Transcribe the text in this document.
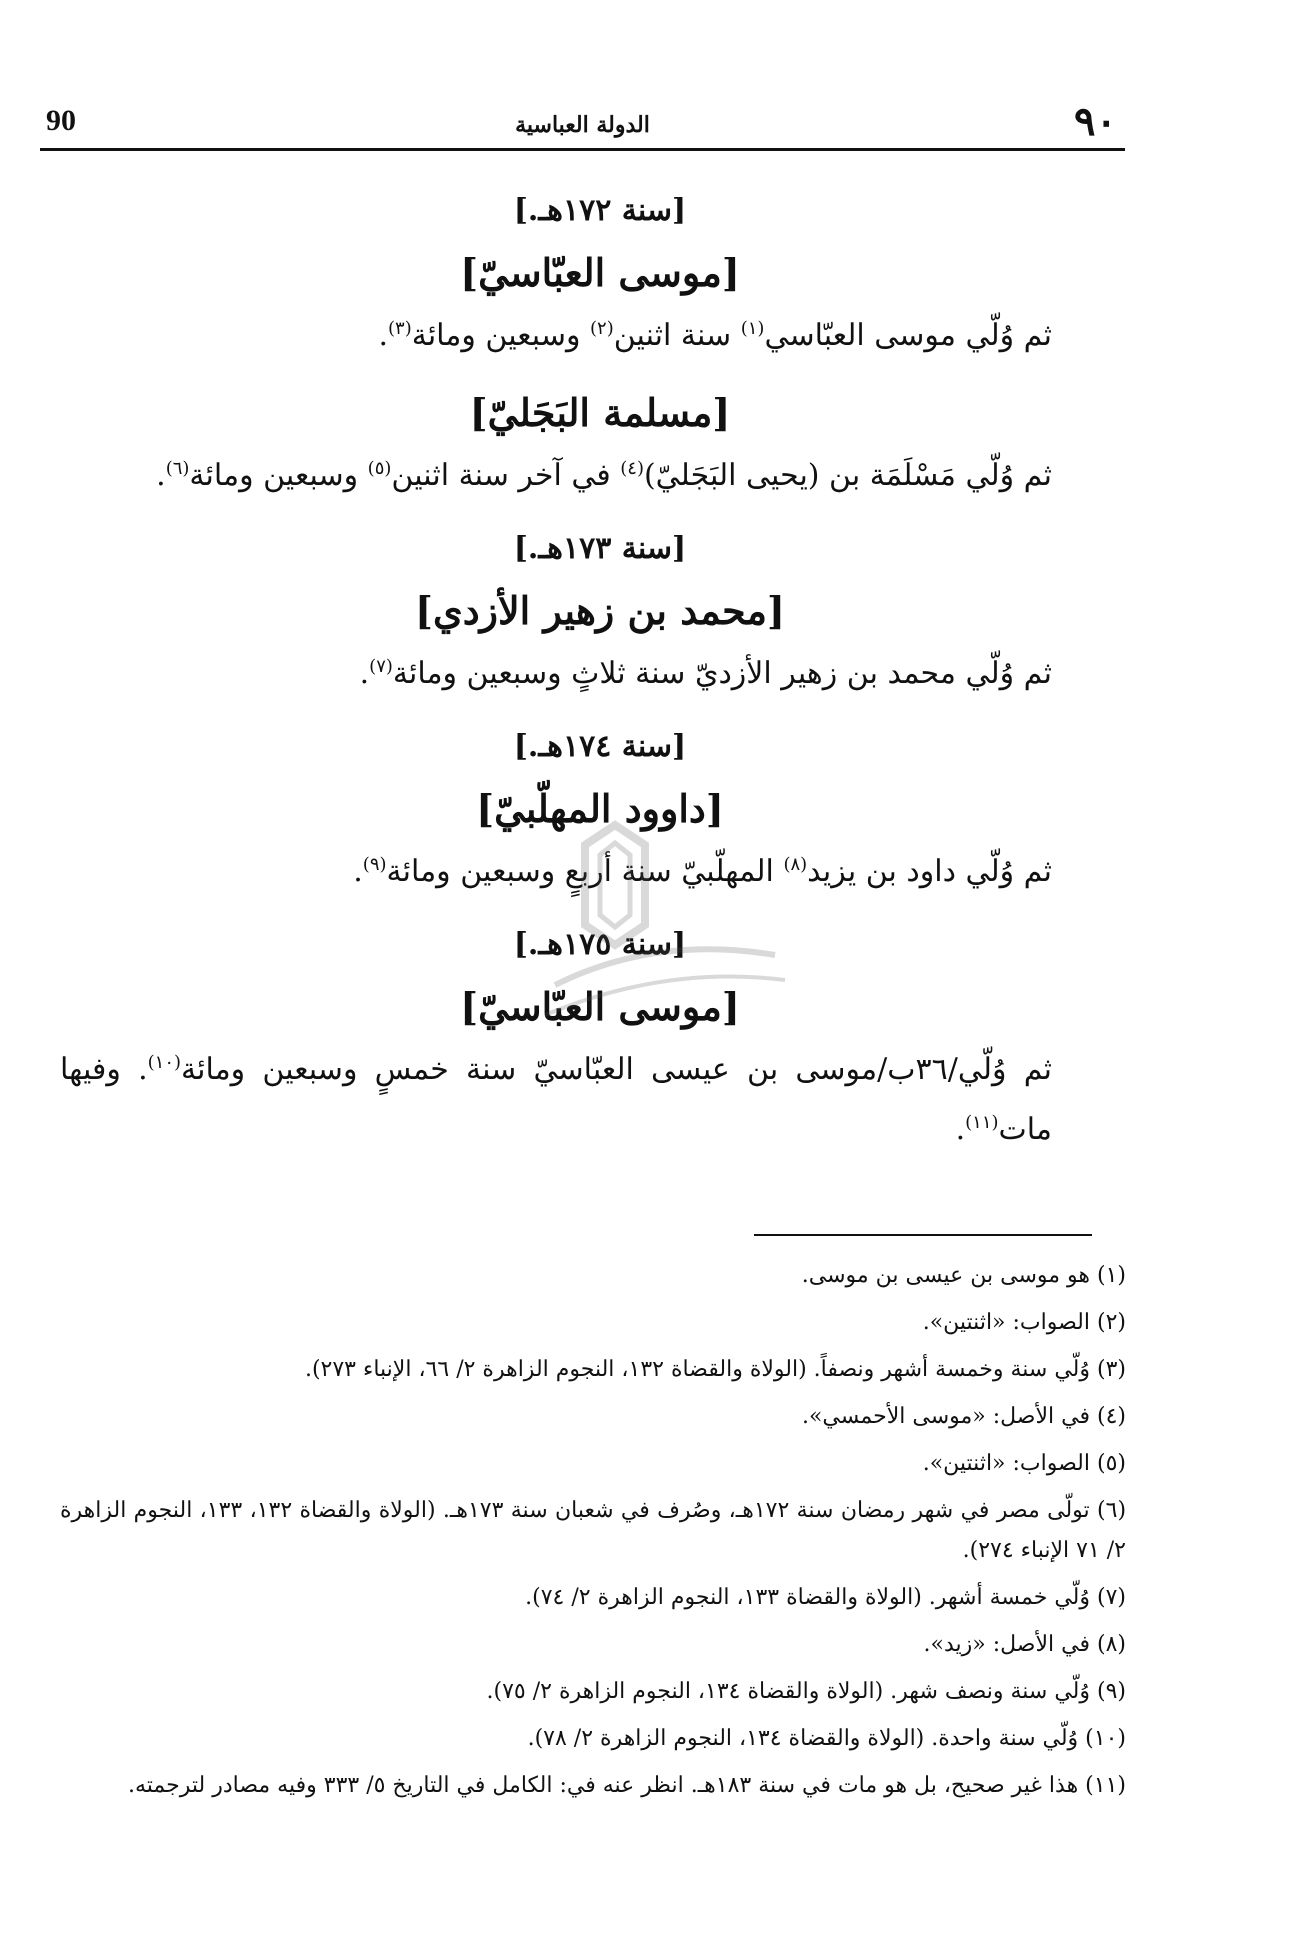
٩٠
الدولة العباسية
90
[سنة ١٧٢هـ.]
[موسى العبّاسيّ]
ثم وُلّي موسى العبّاسي$^{(١)}$ سنة اثنين$^{(٢)}$ وسبعين ومائة$^{(٣)}$.
[مسلمة البَجَليّ]
ثم وُلّي مَسْلَمَة بن (يحيى البَجَليّ)$^{(٤)}$ في آخر سنة اثنين$^{(٥)}$ وسبعين ومائة$^{(٦)}$.
[سنة ١٧٣هـ.]
[محمد بن زهير الأزدي]
ثم وُلّي محمد بن زهير الأزديّ سنة ثلاثٍ وسبعين ومائة$^{(٧)}$.
[سنة ١٧٤هـ.]
[داوود المهلّبيّ]
ثم وُلّي داود بن يزيد$^{(٨)}$ المهلّبيّ سنة أربعٍ وسبعين ومائة$^{(٩)}$.
[سنة ١٧٥هـ.]
[موسى العبّاسيّ]
ثم وُلّي/٣٦ب/موسى بن عيسى العبّاسيّ سنة خمسٍ وسبعين ومائة$^{(١٠)}$. وفيها مات$^{(١١)}$.
(١) هو موسى بن عيسى بن موسى.
(٢) الصواب: «اثنتين».
(٣) وُلّي سنة وخمسة أشهر ونصفاً. (الولاة والقضاة ١٣٢، النجوم الزاهرة ٢/ ٦٦، الإنباء ٢٧٣).
(٤) في الأصل: «موسى الأحمسي».
(٥) الصواب: «اثنتين».
(٦) تولّى مصر في شهر رمضان سنة ١٧٢هـ، وصُرف في شعبان سنة ١٧٣هـ. (الولاة والقضاة ١٣٢، ١٣٣، النجوم الزاهرة ٢/ ٧١ الإنباء ٢٧٤).
(٧) وُلّي خمسة أشهر. (الولاة والقضاة ١٣٣، النجوم الزاهرة ٢/ ٧٤).
(٨) في الأصل: «زيد».
(٩) وُلّي سنة ونصف شهر. (الولاة والقضاة ١٣٤، النجوم الزاهرة ٢/ ٧٥).
(١٠) وُلّي سنة واحدة. (الولاة والقضاة ١٣٤، النجوم الزاهرة ٢/ ٧٨).
(١١) هذا غير صحيح، بل هو مات في سنة ١٨٣هـ. انظر عنه في: الكامل في التاريخ ٥/ ٣٣٣ وفيه مصادر لترجمته.
